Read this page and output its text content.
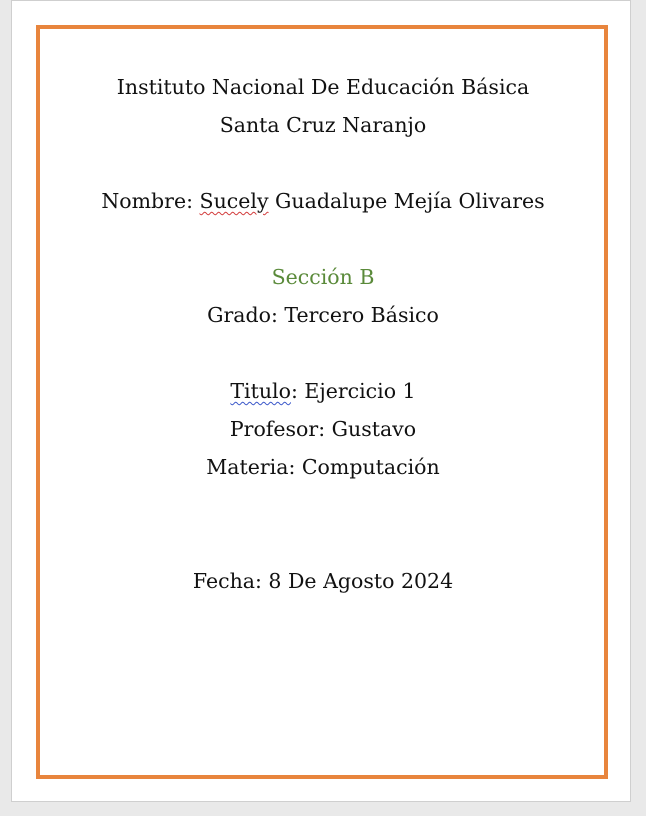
Instituto Nacional De Educación Básica
Santa Cruz Naranjo
Nombre: Sucely Guadalupe Mejía Olivares
Sección B
Grado: Tercero Básico
Titulo: Ejercicio 1
Profesor: Gustavo
Materia: Computación
Fecha: 8 De Agosto 2024
